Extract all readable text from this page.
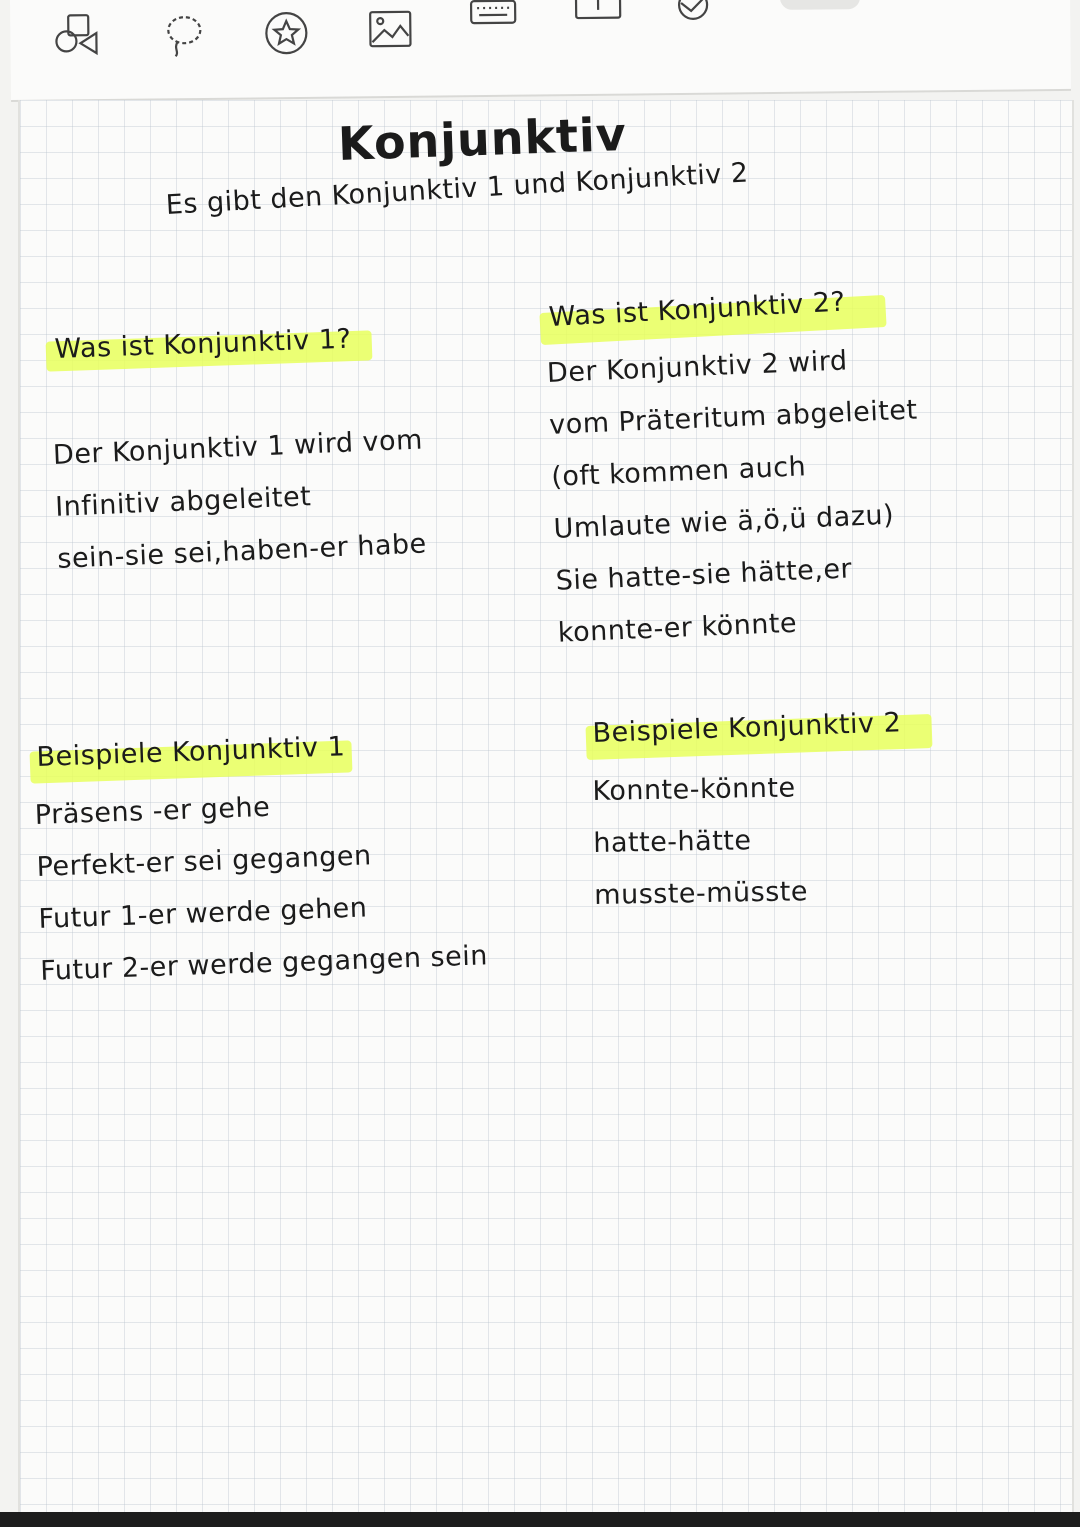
Konjunktiv
Es gibt den Konjunktiv 1 und Konjunktiv 2
Was ist Konjunktiv 1?
Was ist Konjunktiv 2?
Der Konjunktiv 1 wird vom
Infinitiv abgeleitet
sein-sie sei,haben-er habe
Der Konjunktiv 2 wird
vom Präteritum abgeleitet
(oft kommen auch
Umlaute wie ä,ö,ü dazu)
Sie hatte-sie hätte,er
konnte-er könnte
Beispiele Konjunktiv 1
Präsens -er gehe
Perfekt-er sei gegangen
Futur 1-er werde gehen
Futur 2-er werde gegangen sein
Beispiele Konjunktiv 2
Konnte-könnte
hatte-hätte
musste-müsste
